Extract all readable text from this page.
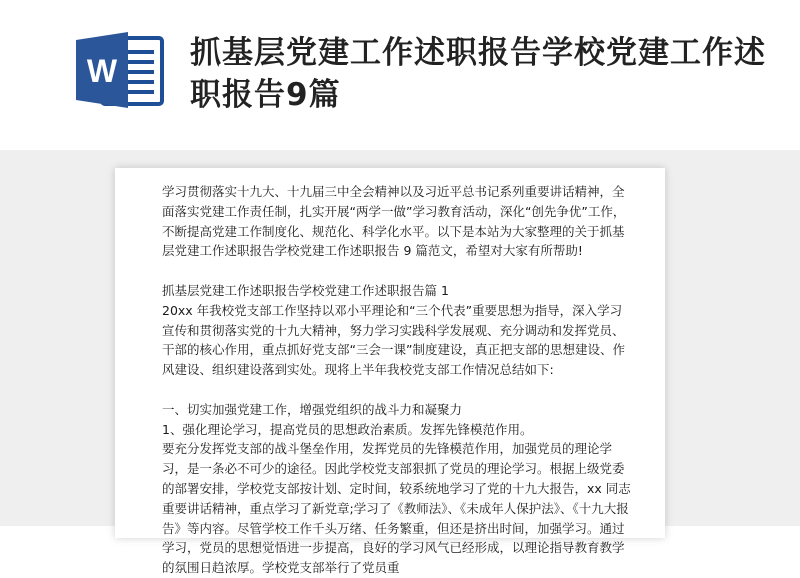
W 抓基层党建工作述职报告学校党建工作述职报告9篇

学习贯彻落实十九大、十九届三中全会精神以及习近平总书记系列重要讲话精神，全面落实党建工作责任制，扎实开展“两学一做”学习教育活动，深化“创先争优”工作，不断提高党建工作制度化、规范化、科学化水平。以下是本站为大家整理的关于抓基层党建工作述职报告学校党建工作述职报告 9 篇范文，希望对大家有所帮助!

抓基层党建工作述职报告学校党建工作述职报告篇 1

20xx 年我校党支部工作坚持以邓小平理论和“三个代表”重要思想为指导，深入学习宣传和贯彻落实党的十九大精神，努力学习实践科学发展观、充分调动和发挥党员、干部的核心作用，重点抓好党支部“三会一课”制度建设，真正把支部的思想建设、作风建设、组织建设落到实处。现将上半年我校党支部工作情况总结如下:

一、切实加强党建工作，增强党组织的战斗力和凝聚力

1、强化理论学习，提高党员的思想政治素质。发挥先锋模范作用。

要充分发挥党支部的战斗堡垒作用，发挥党员的先锋模范作用，加强党员的理论学习，是一条必不可少的途径。因此学校党支部狠抓了党员的理论学习。根据上级党委的部署安排，学校党支部按计划、定时间，较系统地学习了党的十九大报告，xx 同志重要讲话精神，重点学习了新党章;学习了《教师法》、《未成年人保护法》、《十九大报告》等内容。尽管学校工作千头万绪、任务繁重，但还是挤出时间，加强学习。通过学习，党员的思想觉悟进一步提高，良好的学习风气已经形成，以理论指导教育教学的氛围日趋浓厚。学校党支部举行了党员重
